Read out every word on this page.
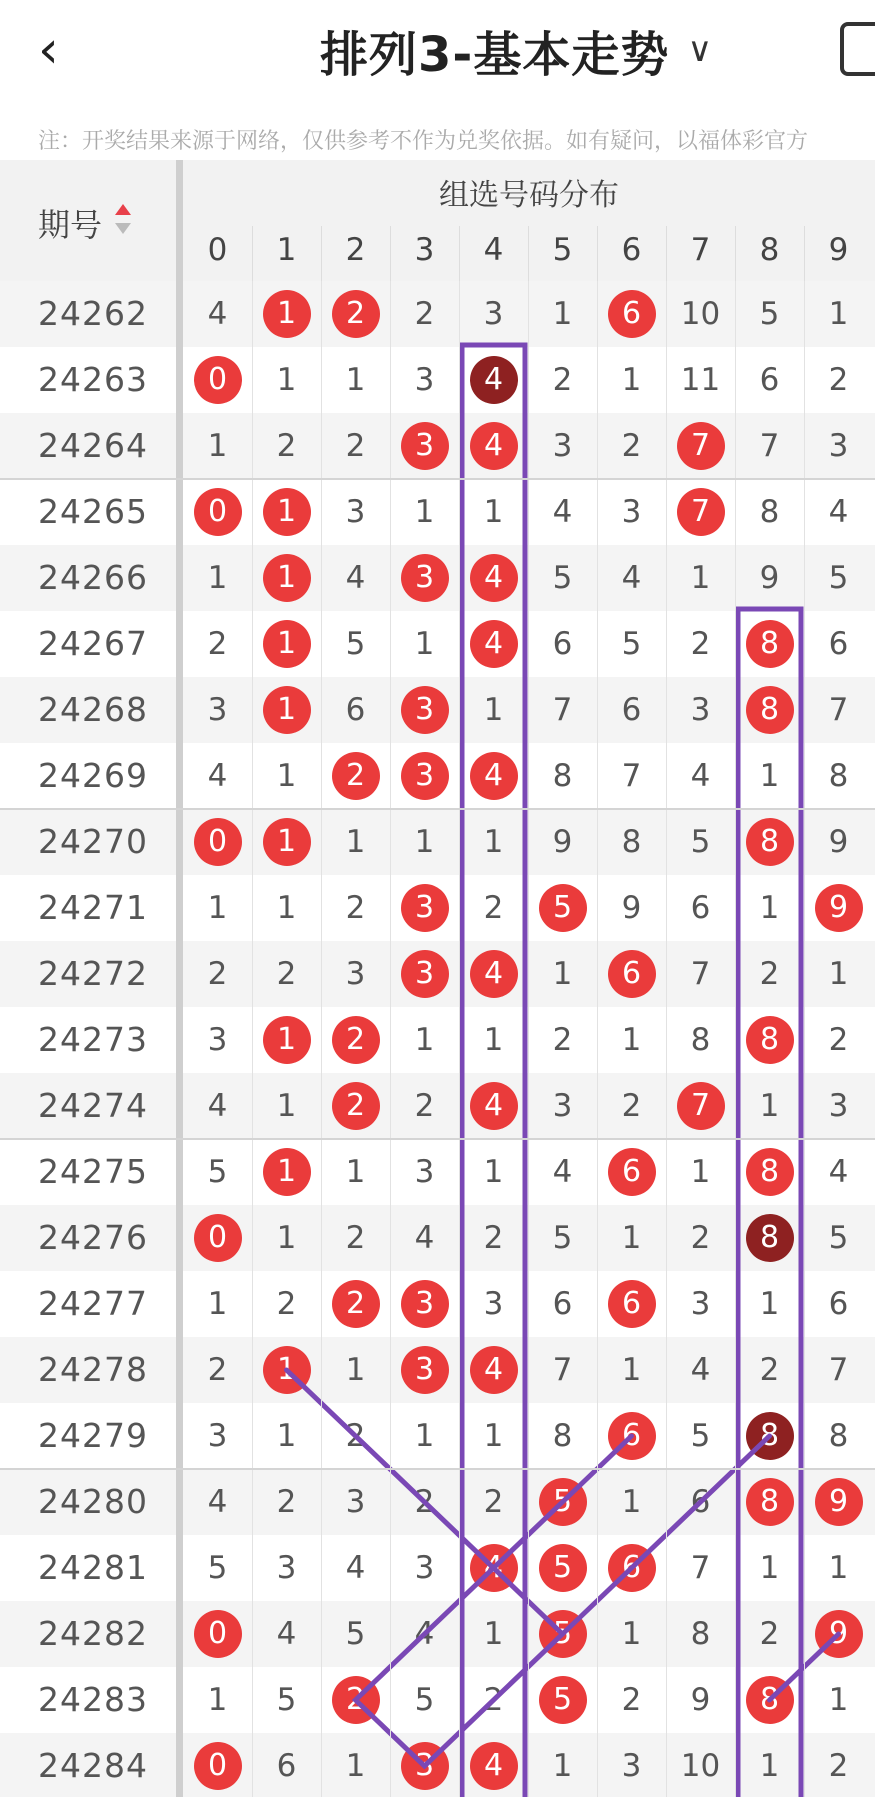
‹	排列3-基本走势 ∨
注：开奖结果来源于网络，仅供参考不作为兑奖依据。如有疑问，以福体彩官方
期号
组选号码分布
0	1	2	3	4	5	6	7	8	9
24262	4	1	2	2	3	1	6	10	5	1
24263	0	1	1	3	4	2	1	11	6	2
24264	1	2	2	3	4	3	2	7	7	3
24265	0	1	3	1	1	4	3	7	8	4
24266	1	1	4	3	4	5	4	1	9	5
24267	2	1	5	1	4	6	5	2	8	6
24268	3	1	6	3	1	7	6	3	8	7
24269	4	1	2	3	4	8	7	4	1	8
24270	0	1	1	1	1	9	8	5	8	9
24271	1	1	2	3	2	5	9	6	1	9
24272	2	2	3	3	4	1	6	7	2	1
24273	3	1	2	1	1	2	1	8	8	2
24274	4	1	2	2	4	3	2	7	1	3
24275	5	1	1	3	1	4	6	1	8	4
24276	0	1	2	4	2	5	1	2	8	5
24277	1	2	2	3	3	6	6	3	1	6
24278	2	1	1	3	4	7	1	4	2	7
24279	3	1	2	1	1	8	6	5	8	8
24280	4	2	3	2	2	5	1	6	8	9
24281	5	3	4	3	4	5	6	7	1	1
24282	0	4	5	4	1	5	1	8	2	9
24283	1	5	2	5	2	5	2	9	8	1
24284	0	6	1	3	4	1	3	10	1	2
